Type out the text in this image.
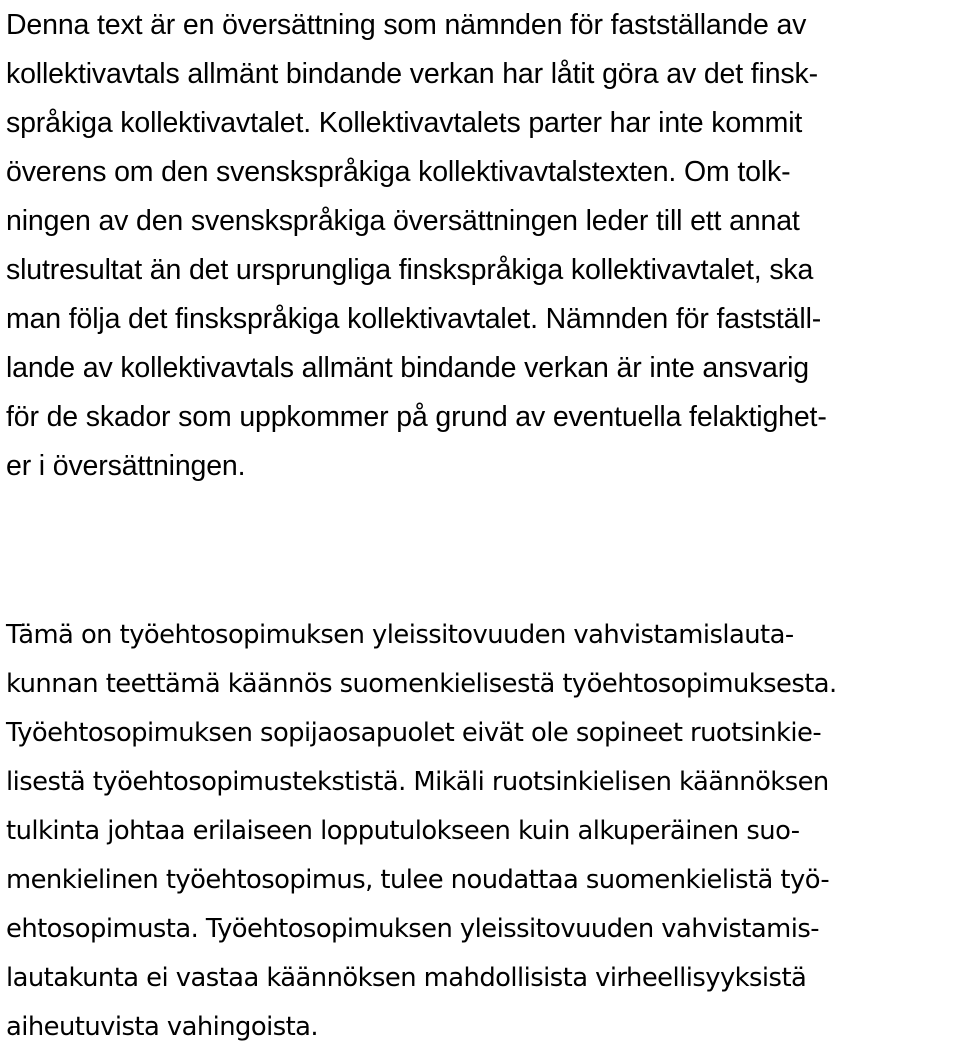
Denna text är en översättning som nämnden för fastställande av
kollektivavtals allmänt bindande verkan har låtit göra av det finsk-
språkiga kollektivavtalet. Kollektivavtalets parter har inte kommit
överens om den svenskspråkiga kollektivavtalstexten. Om tolk-
ningen av den svenskspråkiga översättningen leder till ett annat
slutresultat än det ursprungliga finskspråkiga kollektivavtalet, ska
man följa det finskspråkiga kollektivavtalet. Nämnden för fastställ-
lande av kollektivavtals allmänt bindande verkan är inte ansvarig
för de skador som uppkommer på grund av eventuella felaktighet-
er i översättningen.

Tämä on työehtosopimuksen yleissitovuuden vahvistamislauta-
kunnan teettämä käännös suomenkielisestä työehtosopimuksesta.
Työehtosopimuksen sopijaosapuolet eivät ole sopineet ruotsinkie-
lisestä työehtosopimustekstistä. Mikäli ruotsinkielisen käännöksen
tulkinta johtaa erilaiseen lopputulokseen kuin alkuperäinen suo-
menkielinen työehtosopimus, tulee noudattaa suomenkielistä työ-
ehtosopimusta. Työehtosopimuksen yleissitovuuden vahvistamis-
lautakunta ei vastaa käännöksen mahdollisista virheellisyyksistä
aiheutuvista vahingoista.
